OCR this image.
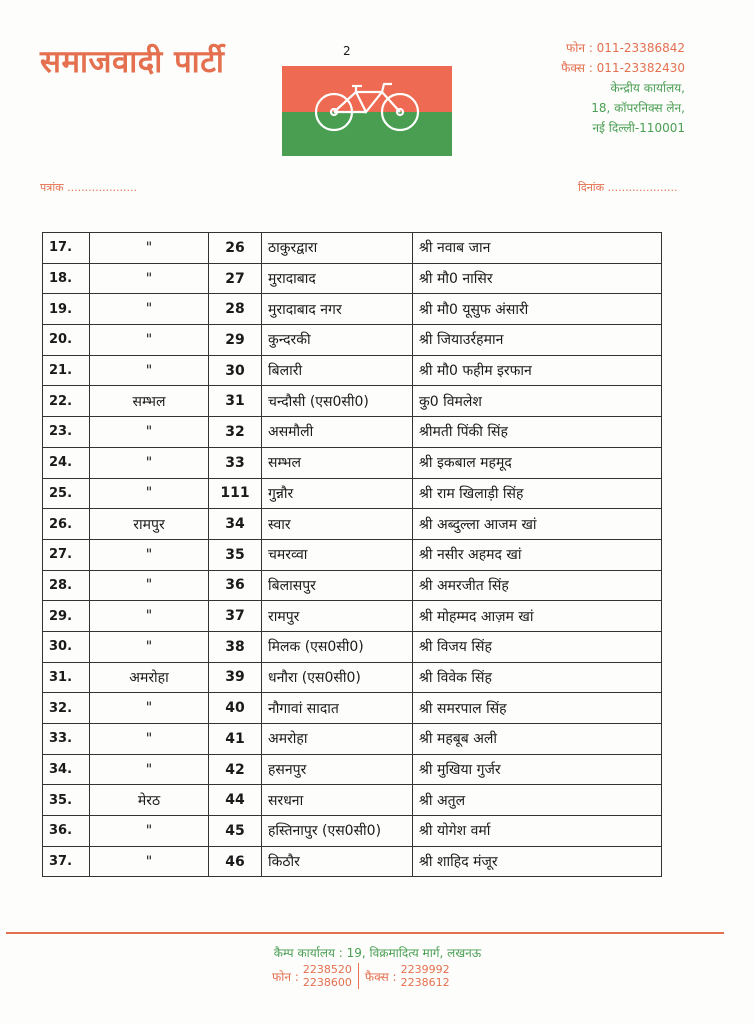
समाजवादी पार्टी	2	फोन : 011-23386842
फैक्स : 011-23382430
केन्द्रीय कार्यालय,
18, कॉपरनिक्स लेन,
नई दिल्ली-110001
पत्रांक ....................	दिनांक ....................
17.	"	26	ठाकुरद्वारा	श्री नवाब जान
18.	"	27	मुरादाबाद	श्री मौ0 नासिर
19.	"	28	मुरादाबाद नगर	श्री मौ0 यूसुफ अंसारी
20.	"	29	कुन्दरकी	श्री जियाउर्रहमान
21.	"	30	बिलारी	श्री मौ0 फहीम इरफान
22.	सम्भल	31	चन्दौसी (एस0सी0)	कु0 विमलेश
23.	"	32	असमौली	श्रीमती पिंकी सिंह
24.	"	33	सम्भल	श्री इकबाल महमूद
25.	"	111	गुन्नौर	श्री राम खिलाड़ी सिंह
26.	रामपुर	34	स्वार	श्री अब्दुल्ला आजम खां
27.	"	35	चमरव्वा	श्री नसीर अहमद खां
28.	"	36	बिलासपुर	श्री अमरजीत सिंह
29.	"	37	रामपुर	श्री मोहम्मद आज़म खां
30.	"	38	मिलक (एस0सी0)	श्री विजय सिंह
31.	अमरोहा	39	धनौरा (एस0सी0)	श्री विवेक सिंह
32.	"	40	नौगावां सादात	श्री समरपाल सिंह
33.	"	41	अमरोहा	श्री महबूब अली
34.	"	42	हसनपुर	श्री मुखिया गुर्जर
35.	मेरठ	44	सरधना	श्री अतुल
36.	"	45	हस्तिनापुर (एस0सी0)	श्री योगेश वर्मा
37.	"	46	किठौर	श्री शाहिद मंजूर
कैम्प कार्यालय : 19, विक्रमादित्य मार्ग, लखनऊ
फोन : 2238520
2238600 फैक्स : 2239992
2238612
